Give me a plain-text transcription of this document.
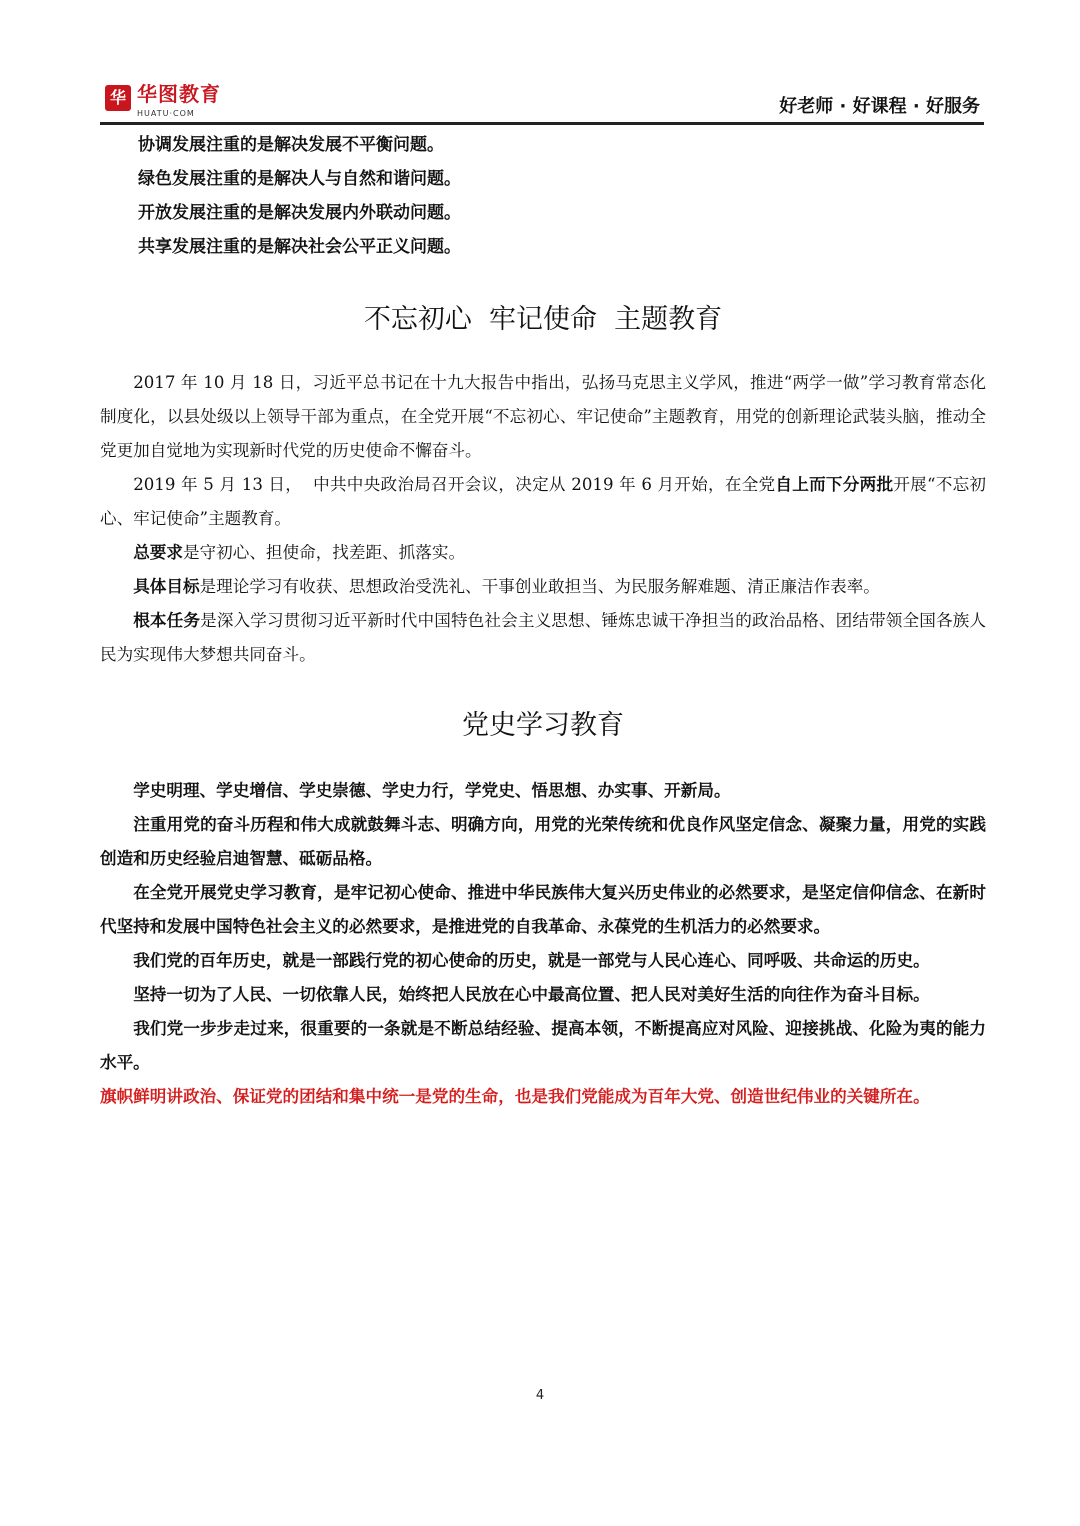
华 华图教育
HUATU·COM	好老师 · 好课程 · 好服务

协调发展注重的是解决发展不平衡问题。

绿色发展注重的是解决人与自然和谐问题。

开放发展注重的是解决发展内外联动问题。

共享发展注重的是解决社会公平正义问题。

不忘初心  牢记使命  主题教育

2017 年 10 月 18 日，习近平总书记在十九大报告中指出，弘扬马克思主义学风，推进“两学一做”学习教育常态化制度化，以县处级以上领导干部为重点，在全党开展“不忘初心、牢记使命”主题教育，用党的创新理论武装头脑，推动全党更加自觉地为实现新时代党的历史使命不懈奋斗。

2019 年 5 月 13 日，  中共中央政治局召开会议，决定从 2019 年 6 月开始，在全党自上而下分两批开展“不忘初心、牢记使命”主题教育。

总要求是守初心、担使命，找差距、抓落实。

具体目标是理论学习有收获、思想政治受洗礼、干事创业敢担当、为民服务解难题、清正廉洁作表率。

根本任务是深入学习贯彻习近平新时代中国特色社会主义思想、锤炼忠诚干净担当的政治品格、团结带领全国各族人民为实现伟大梦想共同奋斗。

党史学习教育

学史明理、学史增信、学史崇德、学史力行，学党史、悟思想、办实事、开新局。

注重用党的奋斗历程和伟大成就鼓舞斗志、明确方向，用党的光荣传统和优良作风坚定信念、凝聚力量，用党的实践创造和历史经验启迪智慧、砥砺品格。

在全党开展党史学习教育，是牢记初心使命、推进中华民族伟大复兴历史伟业的必然要求，是坚定信仰信念、在新时代坚持和发展中国特色社会主义的必然要求，是推进党的自我革命、永葆党的生机活力的必然要求。

我们党的百年历史，就是一部践行党的初心使命的历史，就是一部党与人民心连心、同呼吸、共命运的历史。

坚持一切为了人民、一切依靠人民，始终把人民放在心中最高位置、把人民对美好生活的向往作为奋斗目标。

我们党一步步走过来，很重要的一条就是不断总结经验、提高本领，不断提高应对风险、迎接挑战、化险为夷的能力水平。

旗帜鲜明讲政治、保证党的团结和集中统一是党的生命，也是我们党能成为百年大党、创造世纪伟业的关键所在。

4
